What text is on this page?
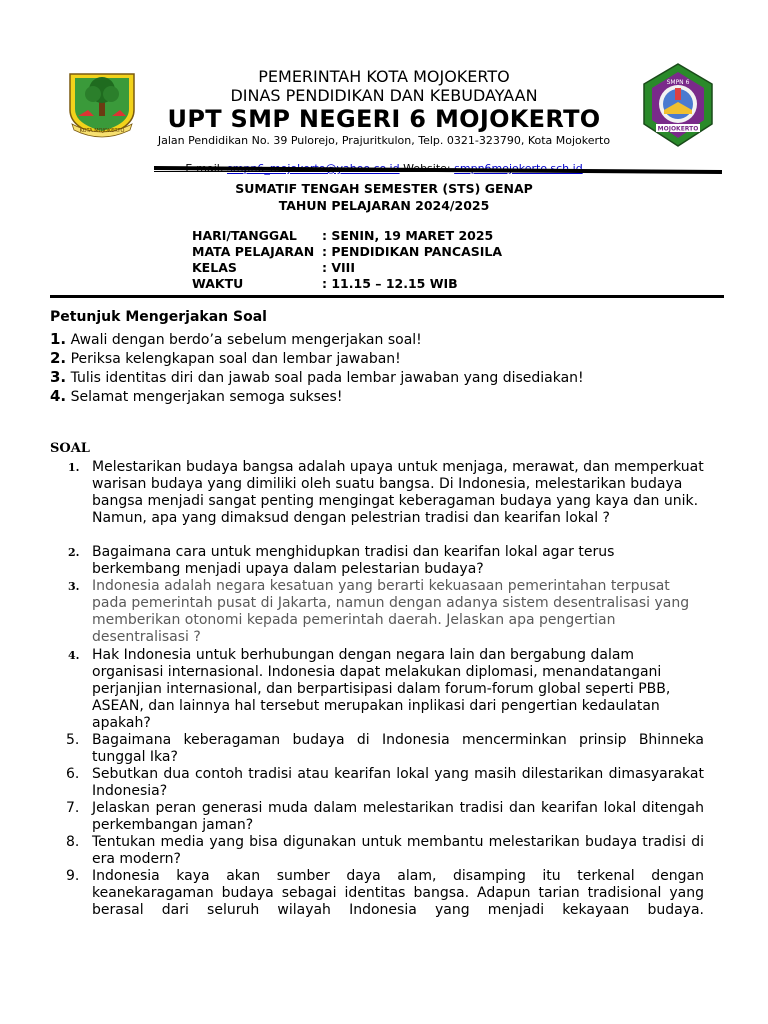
KOTA MOJOKERTO
SMPN 6
MOJOKERTO
PEMERINTAH KOTA MOJOKERTO
DINAS PENDIDIKAN DAN KEBUDAYAAN
UPT SMP NEGERI 6 MOJOKERTO
Jalan Pendidikan No. 39 Pulorejo, Prajuritkulon, Telp. 0321-323790, Kota Mojokerto
SUMATIF TENGAH SEMESTER (STS) GENAP
TAHUN PELAJARAN 2024/2025
HARI/TANGGAL : SENIN, 19 MARET 2025
MATA PELAJARAN : PENDIDIKAN PANCASILA
KELAS	: VIII
WAKTU	: 11.15 – 12.15 WIB
Petunjuk Mengerjakan Soal
1. Awali dengan berdo’a sebelum mengerjakan soal!
2. Periksa kelengkapan soal dan lembar jawaban!
3. Tulis identitas diri dan jawab soal pada lembar jawaban yang disediakan!
4. Selamat mengerjakan semoga sukses!
SOAL
1. Melestarikan budaya bangsa adalah upaya untuk menjaga, merawat, dan memperkuat warisan budaya yang dimiliki oleh suatu bangsa. Di Indonesia, melestarikan budaya bangsa menjadi sangat penting mengingat keberagaman budaya yang kaya dan unik. Namun, apa yang dimaksud dengan pelestrian tradisi dan kearifan lokal ?
2. Bagaimana cara untuk menghidupkan tradisi dan kearifan lokal agar terus berkembang menjadi upaya dalam pelestarian budaya?
3. Indonesia adalah negara kesatuan yang berarti kekuasaan pemerintahan terpusat pada pemerintah pusat di Jakarta, namun dengan adanya sistem desentralisasi yang memberikan otonomi kepada pemerintah daerah. Jelaskan apa pengertian desentralisasi ?
4. Hak Indonesia untuk berhubungan dengan negara lain dan bergabung dalam organisasi internasional. Indonesia dapat melakukan diplomasi, menandatangani perjanjian internasional, dan berpartisipasi dalam forum-forum global seperti PBB, ASEAN, dan lainnya hal tersebut merupakan inplikasi dari pengertian kedaulatan apakah?
5. Bagaimana keberagaman budaya di Indonesia mencerminkan prinsip Bhinneka tunggal Ika?
6. Sebutkan dua contoh tradisi atau kearifan lokal yang masih dilestarikan dimasyarakat Indonesia?
7. Jelaskan peran generasi muda dalam melestarikan tradisi dan kearifan lokal ditengah perkembangan jaman?
8. Tentukan media yang bisa digunakan untuk membantu melestarikan budaya tradisi di era modern?
9. Indonesia kaya akan sumber daya alam, disamping itu terkenal dengan keanekaragaman budaya sebagai identitas bangsa. Adapun tarian tradisional yang berasal dari seluruh wilayah Indonesia yang menjadi kekayaan budaya.
